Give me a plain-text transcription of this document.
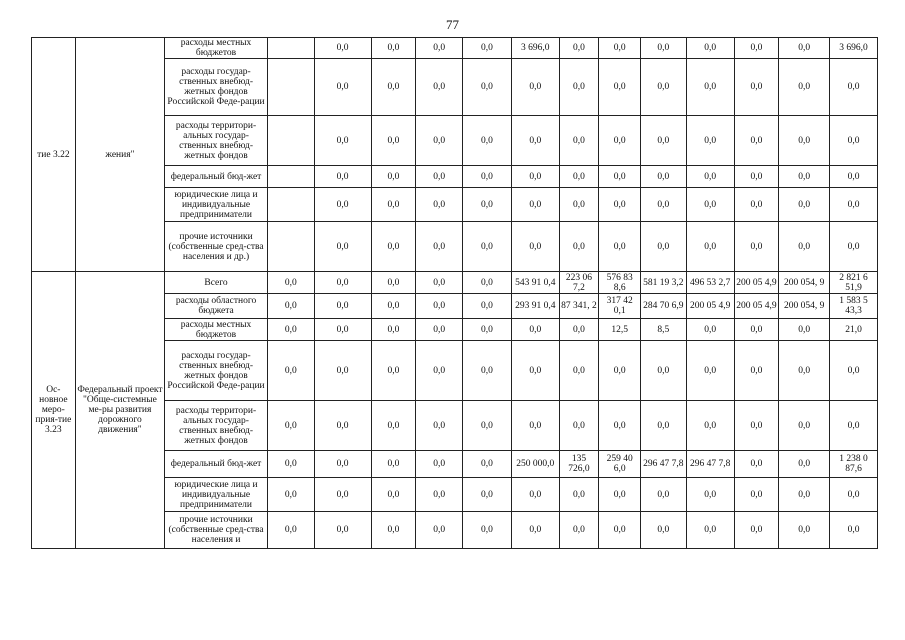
77
тие 3.22	жения"	расходы местных бюджетов		0,0	0,0	0,0	0,0	3 696,0	0,0	0,0	0,0	0,0	0,0	0,0	3 696,0
		расходы государ-ственных внебюд-жетных фондов Российской Феде-рации		0,0	0,0	0,0	0,0	0,0	0,0	0,0	0,0	0,0	0,0	0,0	0,0
		расходы территори-альных государ-ственных внебюд-жетных фондов		0,0	0,0	0,0	0,0	0,0	0,0	0,0	0,0	0,0	0,0	0,0	0,0
		федеральный бюд-жет		0,0	0,0	0,0	0,0	0,0	0,0	0,0	0,0	0,0	0,0	0,0	0,0
		юридические лица и индивидуальные предприниматели		0,0	0,0	0,0	0,0	0,0	0,0	0,0	0,0	0,0	0,0	0,0	0,0
		прочие источники (собственные сред-ства населения и др.)		0,0	0,0	0,0	0,0	0,0	0,0	0,0	0,0	0,0	0,0	0,0	0,0
Ос-новное меро-прия-тие 3.23	Федеральный проект "Обще-системные ме-ры развития дорожного движения"	Всего	0,0	0,0	0,0	0,0	0,0	543 91 0,4	223 06 7,2	576 83 8,6	581 19 3,2	496 53 2,7	200 05 4,9	200 054, 9	2 821 6 51,9
		расходы областного бюджета	0,0	0,0	0,0	0,0	0,0	293 91 0,4	87 341, 2	317 42 0,1	284 70 6,9	200 05 4,9	200 05 4,9	200 054, 9	1 583 5 43,3
		расходы местных бюджетов	0,0	0,0	0,0	0,0	0,0	0,0	0,0	12,5	8,5	0,0	0,0	0,0	21,0
		расходы государ-ственных внебюд-жетных фондов Российской Феде-рации	0,0	0,0	0,0	0,0	0,0	0,0	0,0	0,0	0,0	0,0	0,0	0,0	0,0
		расходы территори-альных государ-ственных внебюд-жетных фондов	0,0	0,0	0,0	0,0	0,0	0,0	0,0	0,0	0,0	0,0	0,0	0,0	0,0
		федеральный бюд-жет	0,0	0,0	0,0	0,0	0,0	250 000,0	135 726,0	259 40 6,0	296 47 7,8	296 47 7,8	0,0	0,0	1 238 0 87,6
		юридические лица и индивидуальные предприниматели	0,0	0,0	0,0	0,0	0,0	0,0	0,0	0,0	0,0	0,0	0,0	0,0	0,0
		прочие источники (собственные сред-ства населения и	0,0	0,0	0,0	0,0	0,0	0,0	0,0	0,0	0,0	0,0	0,0	0,0	0,0
